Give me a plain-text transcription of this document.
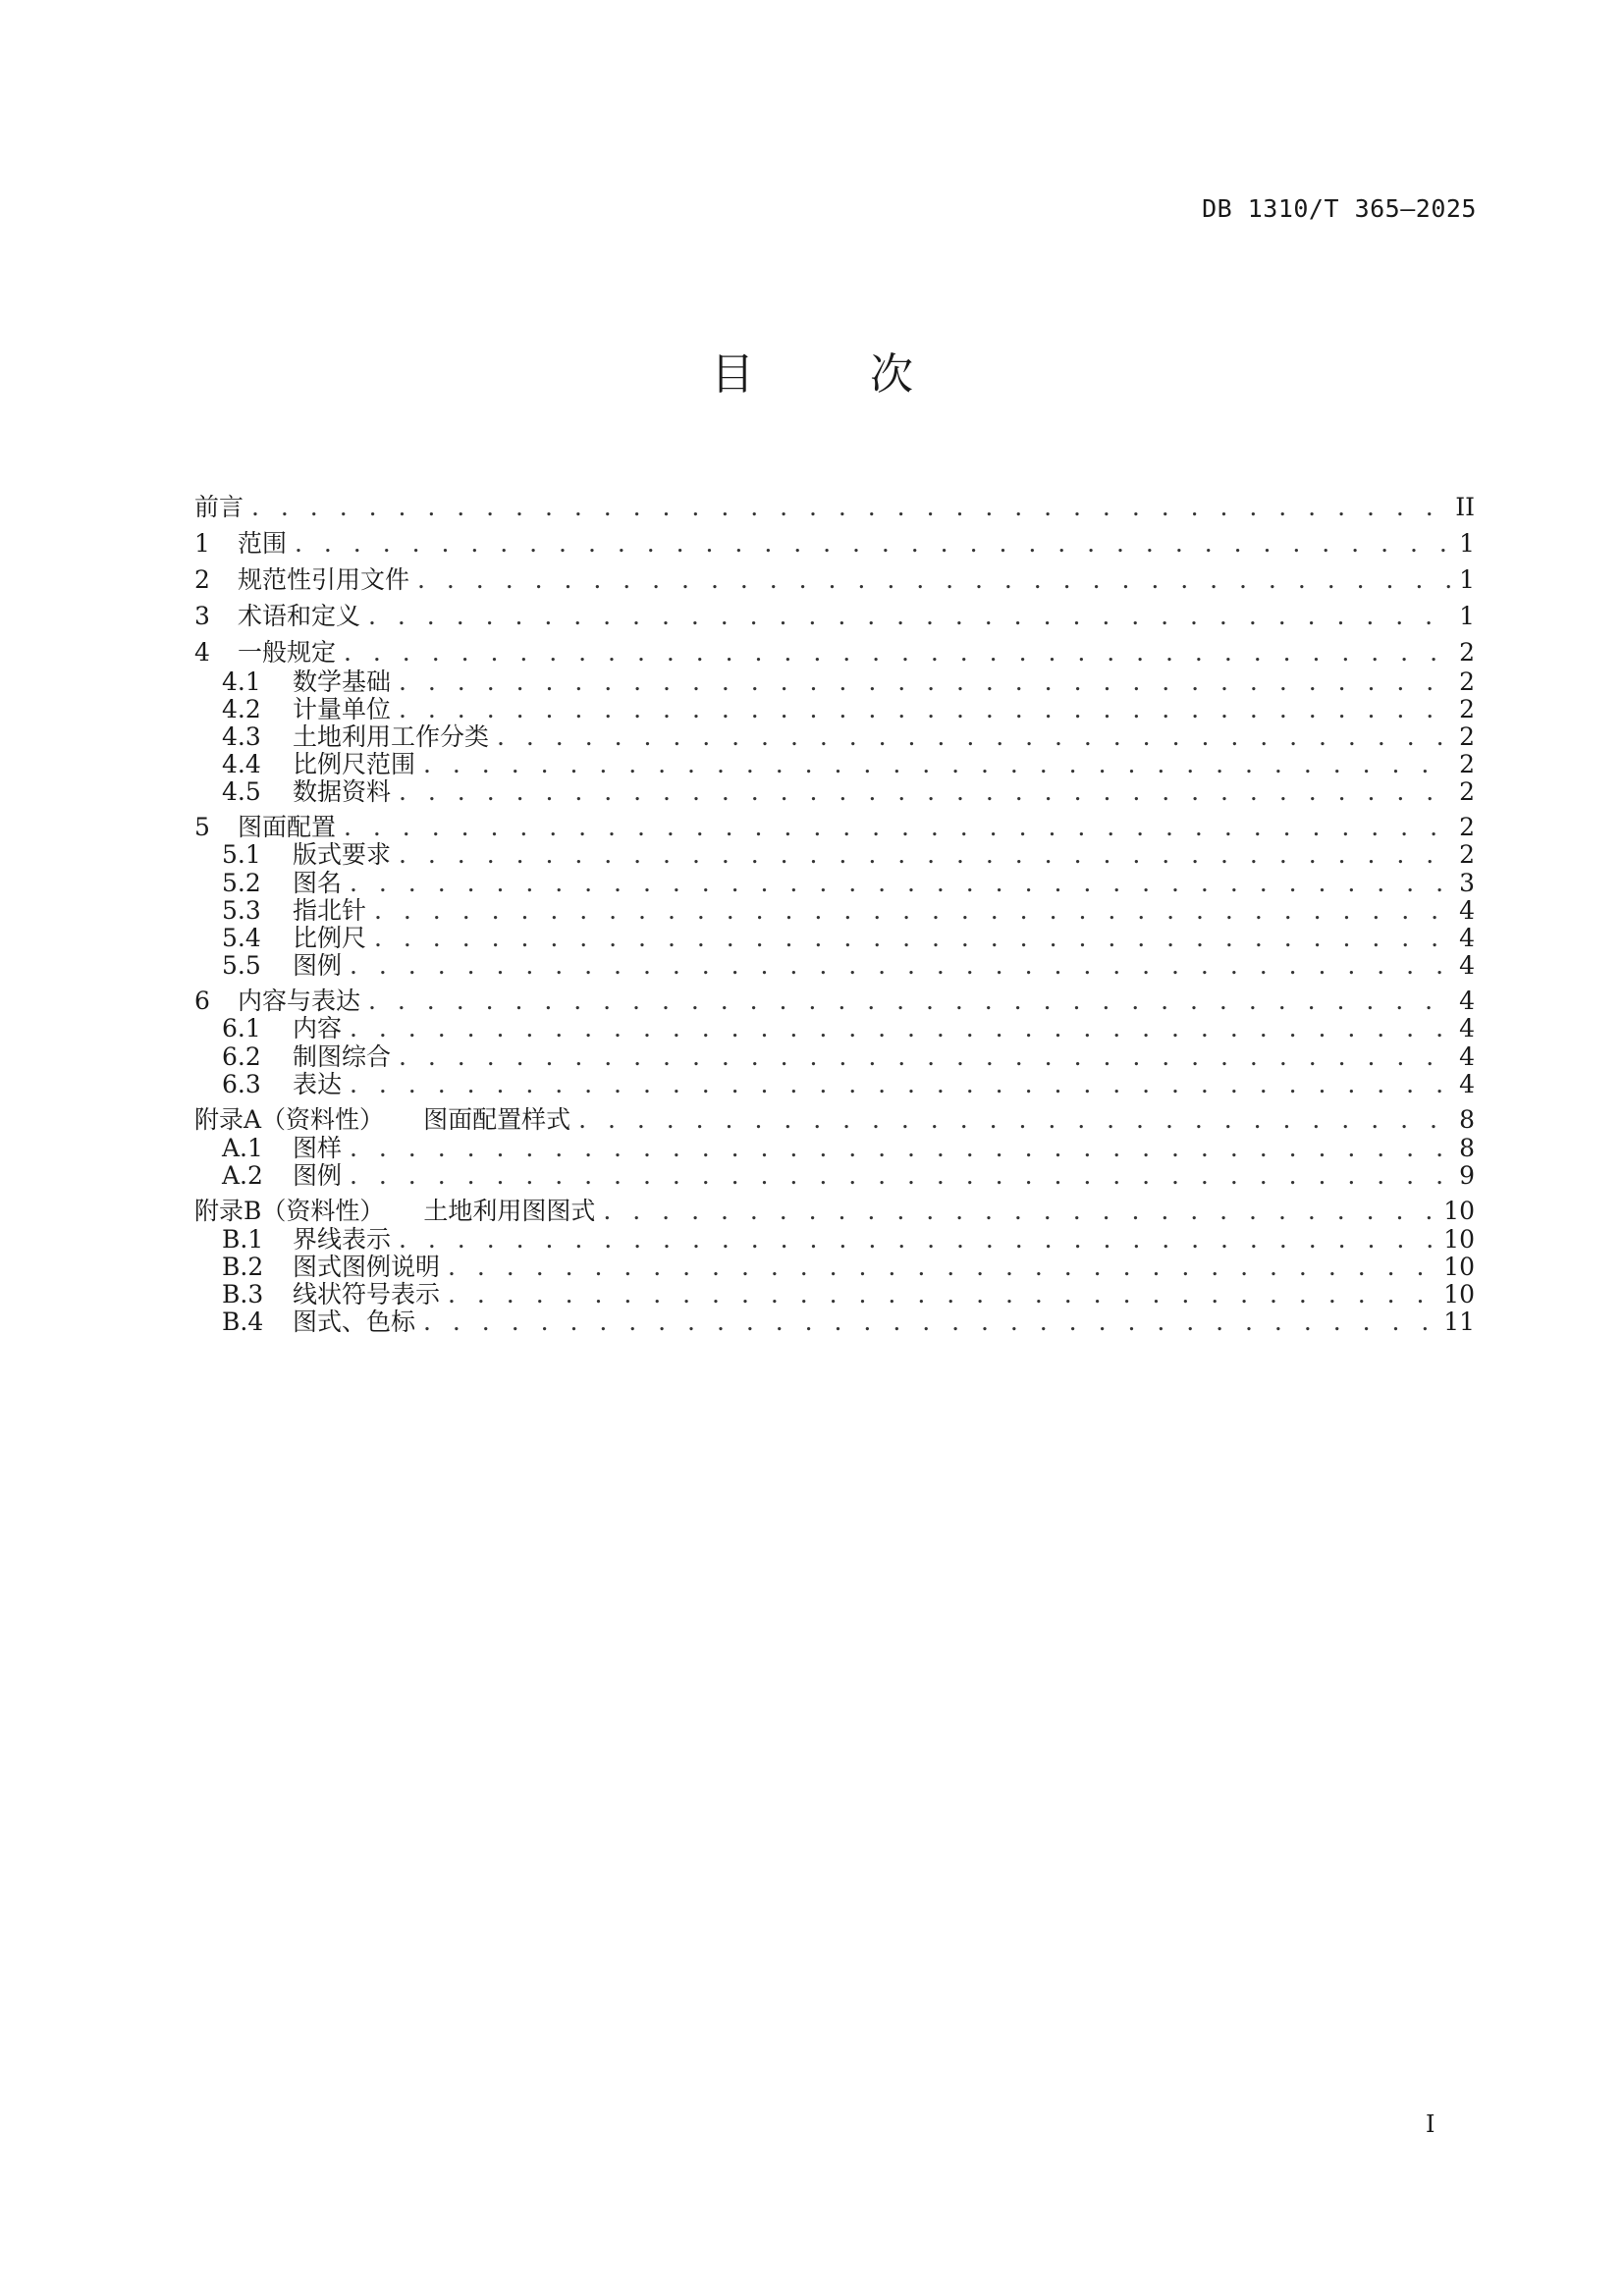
DB 1310/T 365—2025
目 次
前言 . . .	II
1	范围 . . .	1
2	规范性引用文件 . . .	1
3	术语和定义 . . .	1
4	一般规定 . . .	2
4.1	数学基础 . . .	2
4.2	计量单位 . . .	2
4.3	土地利用工作分类 . . .	2
4.4	比例尺范围 . . .	2
4.5	数据资料 . . .	2
5	图面配置 . . .	2
5.1	版式要求 . . .	2
5.2	图名 . . .	3
5.3	指北针 . . .	4
5.4	比例尺 . . .	4
5.5	图例 . . .	4
6	内容与表达 . . .	4
6.1	内容 . . .	4
6.2	制图综合 . . .	4
6.3	表达 . . .	4
附录A（资料性） 图面配置样式 . . .	8
A.1	图样 . . .	8
A.2	图例 . . .	9
附录B（资料性） 土地利用图图式 . . .	10
B.1	界线表示 . . .	10
B.2	图式图例说明 . . .	10
B.3	线状符号表示 . . .	10
B.4	图式、色标 . . .	11
I
